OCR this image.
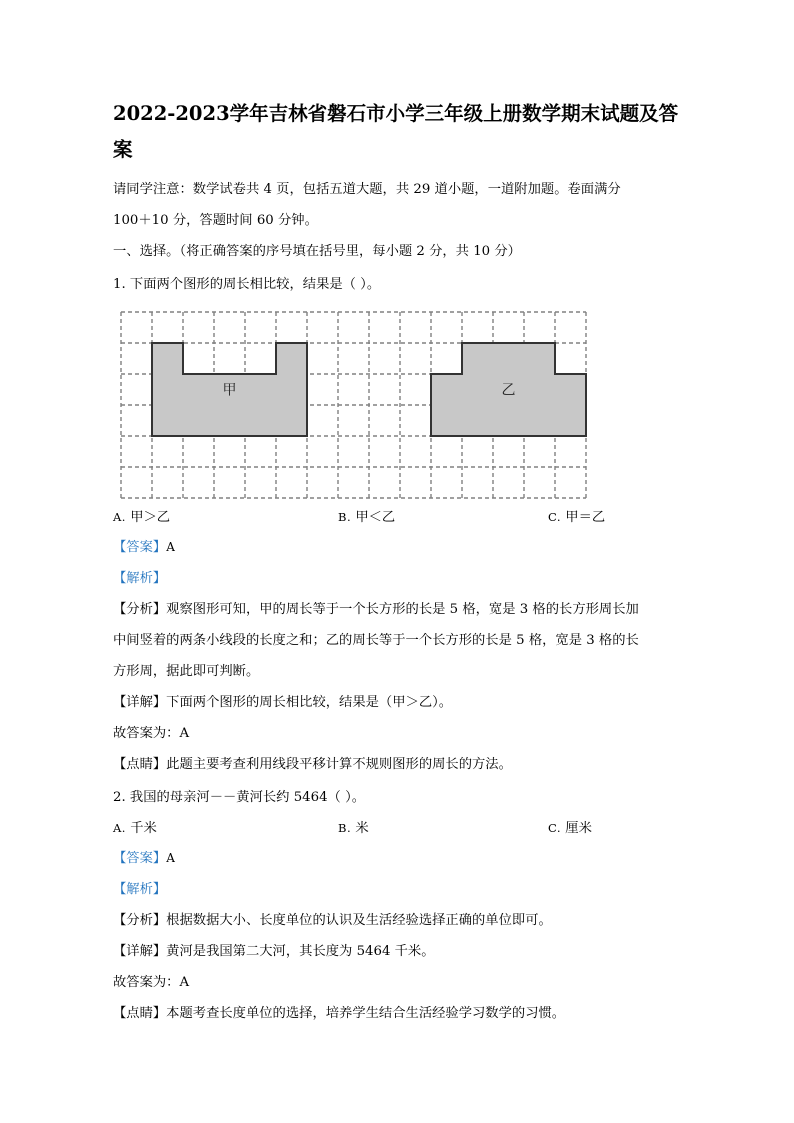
2022-2023学年吉林省磐石市小学三年级上册数学期末试题及答案

请同学注意：数学试卷共 4 页，包括五道大题，共 29 道小题，一道附加题。卷面满分

100＋10 分，答题时间 60 分钟。

一、选择。（将正确答案的序号填在括号里，每小题 2 分，共 10 分）

1. 下面两个图形的周长相比较，结果是（ ）。

甲	乙
A. 甲＞乙	B. 甲＜乙	C. 甲＝乙

【答案】A

【解析】

【分析】观察图形可知，甲的周长等于一个长方形的长是 5 格，宽是 3 格的长方形周长加

中间竖着的两条小线段的长度之和；乙的周长等于一个长方形的长是 5 格，宽是 3 格的长

方形周，据此即可判断。

【详解】下面两个图形的周长相比较，结果是（甲＞乙）。

故答案为：A

【点睛】此题主要考查利用线段平移计算不规则图形的周长的方法。

2. 我国的母亲河－－黄河长约 5464（ ）。

A. 千米	B. 米	C. 厘米

【答案】A

【解析】

【分析】根据数据大小、长度单位的认识及生活经验选择正确的单位即可。

【详解】黄河是我国第二大河，其长度为 5464 千米。

故答案为：A

【点睛】本题考查长度单位的选择，培养学生结合生活经验学习数学的习惯。
